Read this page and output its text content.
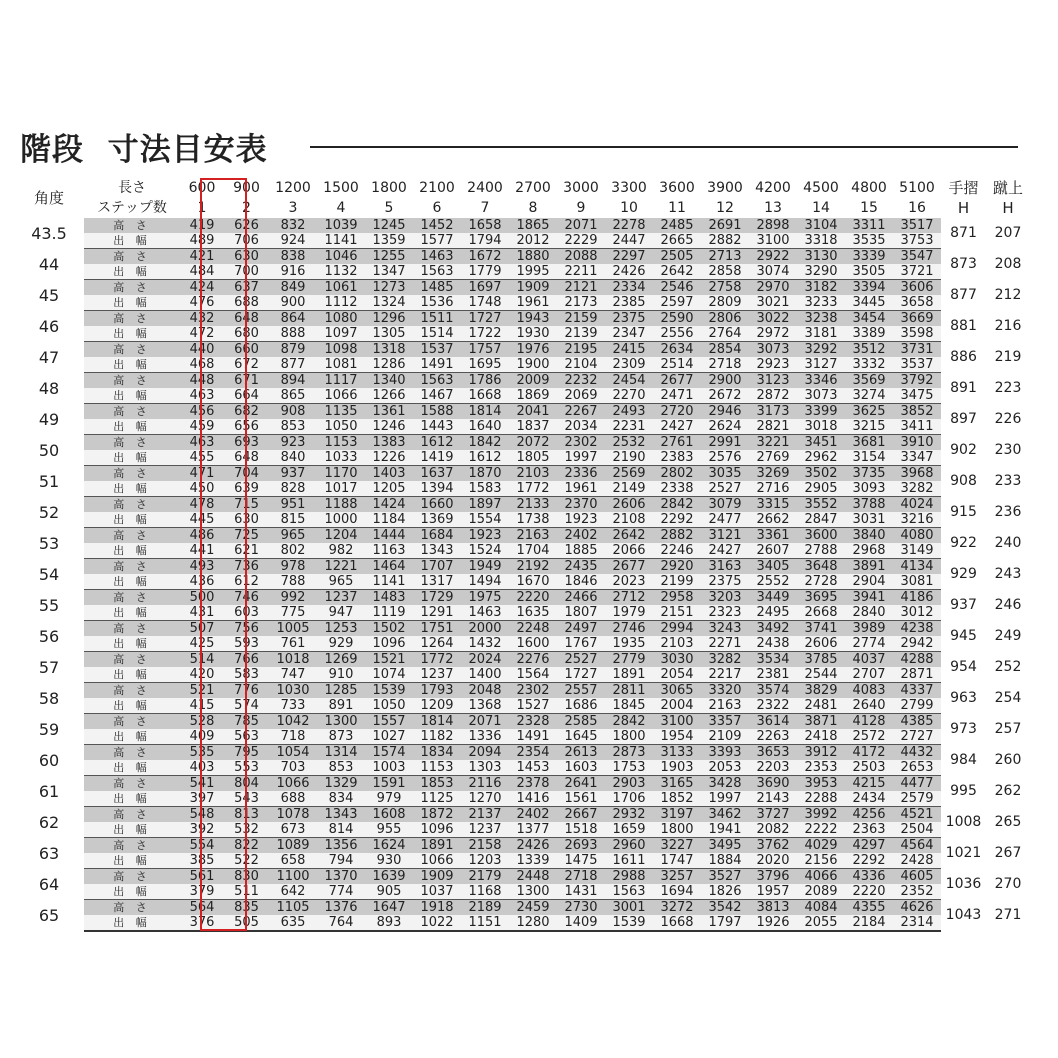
階段  寸法目安表
角度	長さ	600	900	1200	1500	1800	2100	2400	2700	3000	3300	3600	3900	4200	4500	4800	5100	手摺	蹴上
	ステップ数	1	2	3	4	5	6	7	8	9	10	11	12	13	14	15	16	H	H
43.5	高 さ	419	626	832	1039	1245	1452	1658	1865	2071	2278	2485	2691	2898	3104	3311	3517	871	207
	出 幅	489	706	924	1141	1359	1577	1794	2012	2229	2447	2665	2882	3100	3318	3535	3753		
44	高 さ	421	630	838	1046	1255	1463	1672	1880	2088	2297	2505	2713	2922	3130	3339	3547	873	208
	出 幅	484	700	916	1132	1347	1563	1779	1995	2211	2426	2642	2858	3074	3290	3505	3721		
45	高 さ	424	637	849	1061	1273	1485	1697	1909	2121	2334	2546	2758	2970	3182	3394	3606	877	212
	出 幅	476	688	900	1112	1324	1536	1748	1961	2173	2385	2597	2809	3021	3233	3445	3658		
46	高 さ	432	648	864	1080	1296	1511	1727	1943	2159	2375	2590	2806	3022	3238	3454	3669	881	216
	出 幅	472	680	888	1097	1305	1514	1722	1930	2139	2347	2556	2764	2972	3181	3389	3598		
47	高 さ	440	660	879	1098	1318	1537	1757	1976	2195	2415	2634	2854	3073	3292	3512	3731	886	219
	出 幅	468	672	877	1081	1286	1491	1695	1900	2104	2309	2514	2718	2923	3127	3332	3537		
48	高 さ	448	671	894	1117	1340	1563	1786	2009	2232	2454	2677	2900	3123	3346	3569	3792	891	223
	出 幅	463	664	865	1066	1266	1467	1668	1869	2069	2270	2471	2672	2872	3073	3274	3475		
49	高 さ	456	682	908	1135	1361	1588	1814	2041	2267	2493	2720	2946	3173	3399	3625	3852	897	226
	出 幅	459	656	853	1050	1246	1443	1640	1837	2034	2231	2427	2624	2821	3018	3215	3411		
50	高 さ	463	693	923	1153	1383	1612	1842	2072	2302	2532	2761	2991	3221	3451	3681	3910	902	230
	出 幅	455	648	840	1033	1226	1419	1612	1805	1997	2190	2383	2576	2769	2962	3154	3347		
51	高 さ	471	704	937	1170	1403	1637	1870	2103	2336	2569	2802	3035	3269	3502	3735	3968	908	233
	出 幅	450	639	828	1017	1205	1394	1583	1772	1961	2149	2338	2527	2716	2905	3093	3282		
52	高 さ	478	715	951	1188	1424	1660	1897	2133	2370	2606	2842	3079	3315	3552	3788	4024	915	236
	出 幅	445	630	815	1000	1184	1369	1554	1738	1923	2108	2292	2477	2662	2847	3031	3216		
53	高 さ	486	725	965	1204	1444	1684	1923	2163	2402	2642	2882	3121	3361	3600	3840	4080	922	240
	出 幅	441	621	802	982	1163	1343	1524	1704	1885	2066	2246	2427	2607	2788	2968	3149		
54	高 さ	493	736	978	1221	1464	1707	1949	2192	2435	2677	2920	3163	3405	3648	3891	4134	929	243
	出 幅	436	612	788	965	1141	1317	1494	1670	1846	2023	2199	2375	2552	2728	2904	3081		
55	高 さ	500	746	992	1237	1483	1729	1975	2220	2466	2712	2958	3203	3449	3695	3941	4186	937	246
	出 幅	431	603	775	947	1119	1291	1463	1635	1807	1979	2151	2323	2495	2668	2840	3012		
56	高 さ	507	756	1005	1253	1502	1751	2000	2248	2497	2746	2994	3243	3492	3741	3989	4238	945	249
	出 幅	425	593	761	929	1096	1264	1432	1600	1767	1935	2103	2271	2438	2606	2774	2942		
57	高 さ	514	766	1018	1269	1521	1772	2024	2276	2527	2779	3030	3282	3534	3785	4037	4288	954	252
	出 幅	420	583	747	910	1074	1237	1400	1564	1727	1891	2054	2217	2381	2544	2707	2871		
58	高 さ	521	776	1030	1285	1539	1793	2048	2302	2557	2811	3065	3320	3574	3829	4083	4337	963	254
	出 幅	415	574	733	891	1050	1209	1368	1527	1686	1845	2004	2163	2322	2481	2640	2799		
59	高 さ	528	785	1042	1300	1557	1814	2071	2328	2585	2842	3100	3357	3614	3871	4128	4385	973	257
	出 幅	409	563	718	873	1027	1182	1336	1491	1645	1800	1954	2109	2263	2418	2572	2727		
60	高 さ	535	795	1054	1314	1574	1834	2094	2354	2613	2873	3133	3393	3653	3912	4172	4432	984	260
	出 幅	403	553	703	853	1003	1153	1303	1453	1603	1753	1903	2053	2203	2353	2503	2653		
61	高 さ	541	804	1066	1329	1591	1853	2116	2378	2641	2903	3165	3428	3690	3953	4215	4477	995	262
	出 幅	397	543	688	834	979	1125	1270	1416	1561	1706	1852	1997	2143	2288	2434	2579		
62	高 さ	548	813	1078	1343	1608	1872	2137	2402	2667	2932	3197	3462	3727	3992	4256	4521	1008	265
	出 幅	392	532	673	814	955	1096	1237	1377	1518	1659	1800	1941	2082	2222	2363	2504		
63	高 さ	554	822	1089	1356	1624	1891	2158	2426	2693	2960	3227	3495	3762	4029	4297	4564	1021	267
	出 幅	385	522	658	794	930	1066	1203	1339	1475	1611	1747	1884	2020	2156	2292	2428		
64	高 さ	561	830	1100	1370	1639	1909	2179	2448	2718	2988	3257	3527	3796	4066	4336	4605	1036	270
	出 幅	379	511	642	774	905	1037	1168	1300	1431	1563	1694	1826	1957	2089	2220	2352		
65	高 さ	564	835	1105	1376	1647	1918	2189	2459	2730	3001	3272	3542	3813	4084	4355	4626	1043	271
	出 幅	376	505	635	764	893	1022	1151	1280	1409	1539	1668	1797	1926	2055	2184	2314		
